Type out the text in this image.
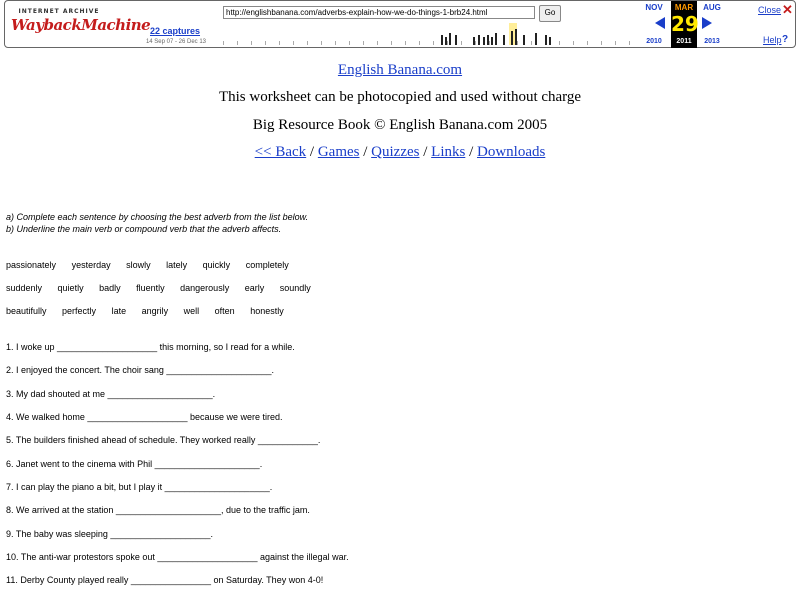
INTERNET ARCHIVE
WaybackMachine 22 captures
14 Sep 07 - 26 Dec 13
http://englishbanana.com/adverbs-explain-how-we-do-things-1-brb24.html
Go
NOV	MAR	AUG
29
2010	2011	2013
Close ✕
Help ?
English Banana.com
This worksheet can be photocopied and used without charge
Big Resource Book © English Banana.com 2005
<< Back / Games / Quizzes / Links / Downloads
a) Complete each sentence by choosing the best adverb from the list below.
b) Underline the main verb or compound verb that the adverb affects.
passionately yesterday slowly lately quickly completely
suddenly quietly badly fluently dangerously early soundly
beautifully perfectly late angrily well often honestly
1. I woke up ____________________ this morning, so I read for a while.
2. I enjoyed the concert. The choir sang _____________________.
3. My dad shouted at me _____________________.
4. We walked home ____________________ because we were tired.
5. The builders finished ahead of schedule. They worked really ____________.
6. Janet went to the cinema with Phil _____________________.
7. I can play the piano a bit, but I play it _____________________.
8. We arrived at the station _____________________, due to the traffic jam.
9. The baby was sleeping ____________________.
10. The anti-war protestors spoke out ____________________ against the illegal war.
11. Derby County played really ________________ on Saturday. They won 4-0!
